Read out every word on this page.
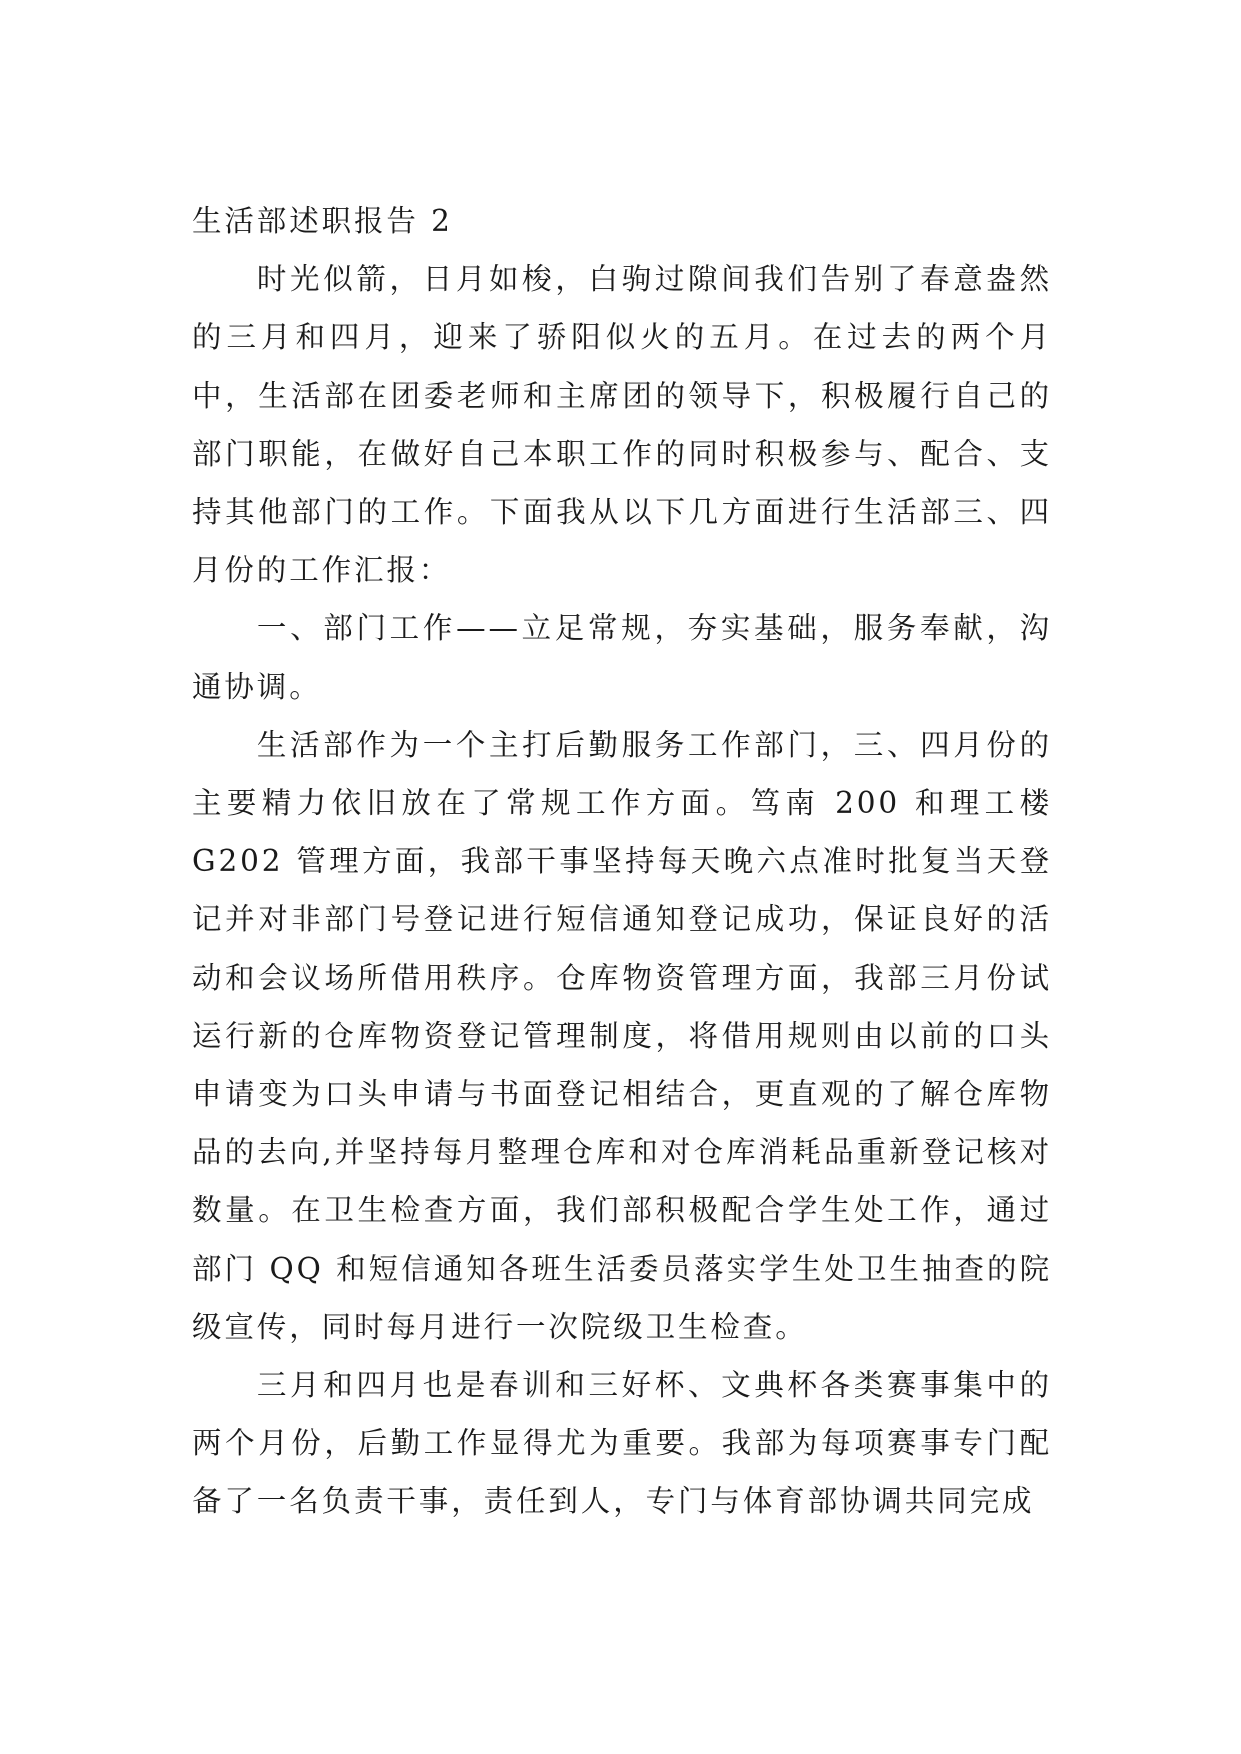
生活部述职报告 2

时光似箭，日月如梭，白驹过隙间我们告别了春意盎然的三月和四月，迎来了骄阳似火的五月。在过去的两个月中，生活部在团委老师和主席团的领导下，积极履行自己的部门职能，在做好自己本职工作的同时积极参与、配合、支持其他部门的工作。下面我从以下几方面进行生活部三、四月份的工作汇报：

一、部门工作——立足常规，夯实基础，服务奉献，沟通协调。

生活部作为一个主打后勤服务工作部门，三、四月份的主要精力依旧放在了常规工作方面。笃南 200 和理工楼 G202 管理方面，我部干事坚持每天晚六点准时批复当天登记并对非部门号登记进行短信通知登记成功，保证良好的活动和会议场所借用秩序。仓库物资管理方面，我部三月份试运行新的仓库物资登记管理制度，将借用规则由以前的口头申请变为口头申请与书面登记相结合，更直观的了解仓库物品的去向,并坚持每月整理仓库和对仓库消耗品重新登记核对数量。在卫生检查方面，我们部积极配合学生处工作，通过部门 QQ 和短信通知各班生活委员落实学生处卫生抽查的院级宣传，同时每月进行一次院级卫生检查。

三月和四月也是春训和三好杯、文典杯各类赛事集中的两个月份，后勤工作显得尤为重要。我部为每项赛事专门配备了一名负责干事，责任到人，专门与体育部协调共同完成
